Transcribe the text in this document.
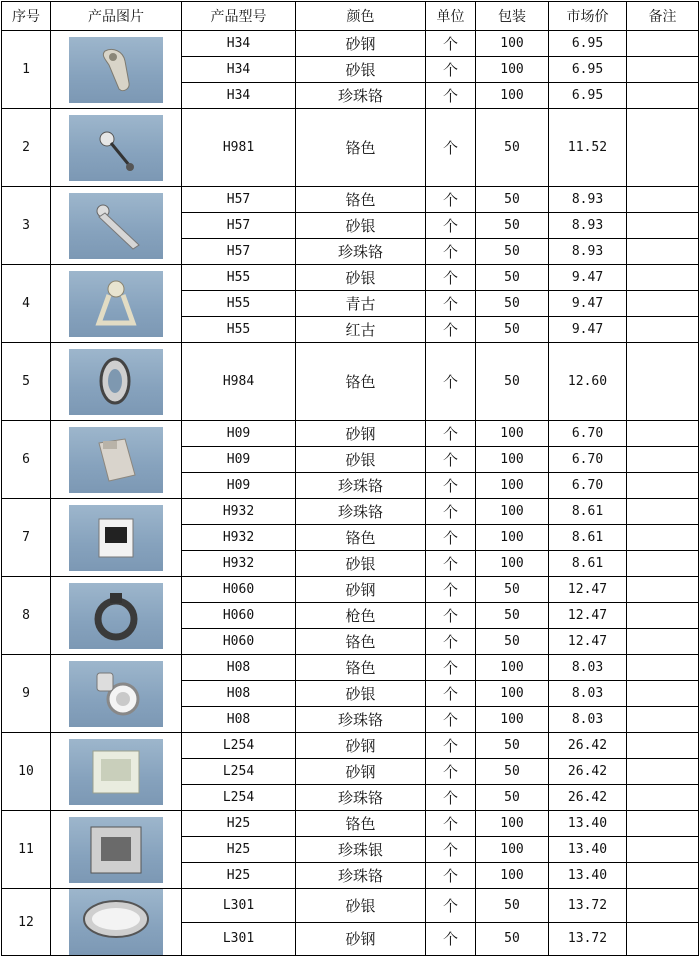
序号	产品图片	产品型号	颜色	单位	包装	市场价	备注
1		H34	砂钢	个	100	6.95	
		H34	砂银	个	100	6.95	
		H34	珍珠铬	个	100	6.95	
2		H981	铬色	个	50	11.52	
3		H57	铬色	个	50	8.93	
		H57	砂银	个	50	8.93	
		H57	珍珠铬	个	50	8.93	
4		H55	砂银	个	50	9.47	
		H55	青古	个	50	9.47	
		H55	红古	个	50	9.47	
5		H984	铬色	个	50	12.60	
6		H09	砂钢	个	100	6.70	
		H09	砂银	个	100	6.70	
		H09	珍珠铬	个	100	6.70	
7		H932	珍珠铬	个	100	8.61	
		H932	铬色	个	100	8.61	
		H932	砂银	个	100	8.61	
8		H060	砂钢	个	50	12.47	
		H060	枪色	个	50	12.47	
		H060	铬色	个	50	12.47	
9		H08	铬色	个	100	8.03	
		H08	砂银	个	100	8.03	
		H08	珍珠铬	个	100	8.03	
10		L254	砂钢	个	50	26.42	
		L254	砂钢	个	50	26.42	
		L254	珍珠铬	个	50	26.42	
11		H25	铬色	个	100	13.40	
		H25	珍珠银	个	100	13.40	
		H25	珍珠铬	个	100	13.40	
12		L301	砂银	个	50	13.72	
		L301	砂钢	个	50	13.72	
